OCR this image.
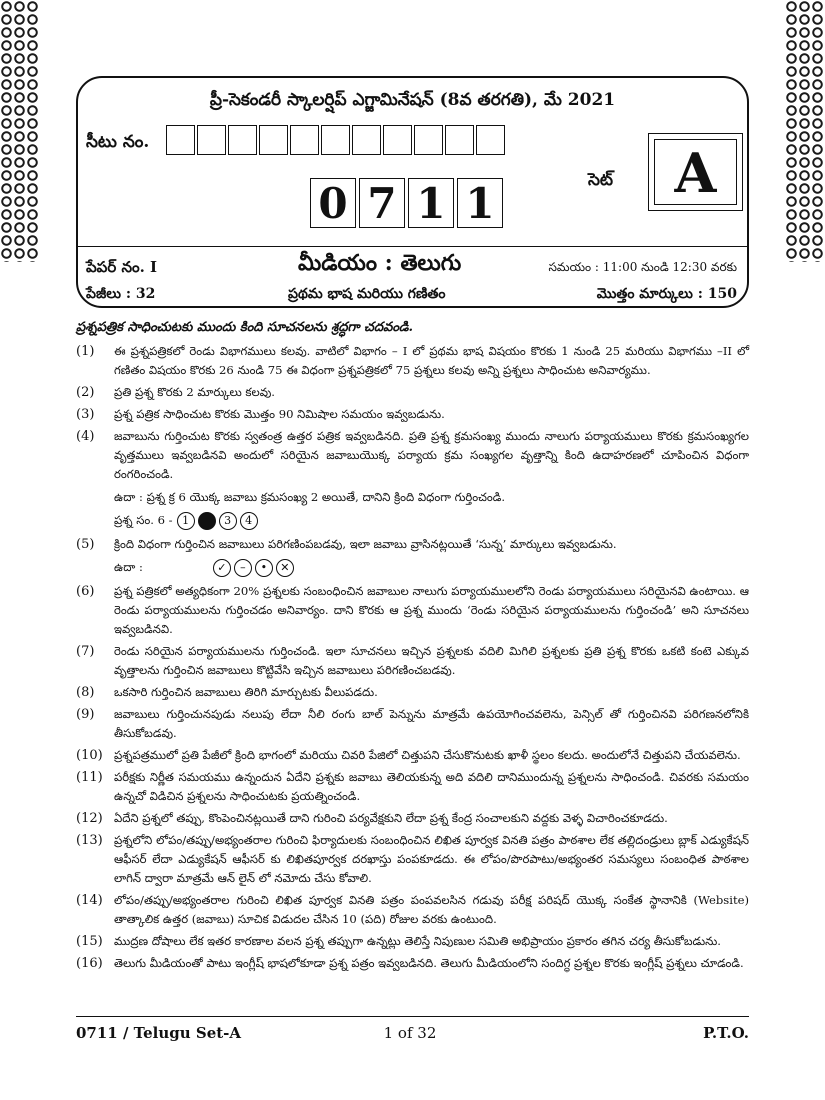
ప్రీ-సెకండరీ స్కాలర్షిప్ ఎగ్జామినేషన్ (8వ తరగతి), మే 2021
సీటు నం.
0 7 1 1	సెట్	A
పేపర్ నం. I	మీడియం : తెలుగు	సమయం : 11:00 నుండి 12:30 వరకు
పేజీలు : 32	ప్రథమ భాష మరియు గణితం	మొత్తం మార్కులు : 150
ప్రశ్నపత్రిక సాధించుటకు ముందు కింది సూచనలను శ్రద్ధగా చదవండి.
(1)	ఈ ప్రశ్నపత్రికలో రెండు విభాగములు కలవు. వాటిలో విభాగం – I లో ప్రథమ భాష విషయం కొరకు 1 నుండి 25 మరియు విభాగము –II లో గణితం విషయం కొరకు 26 నుండి 75 ఈ విధంగా ప్రశ్నపత్రికలో 75 ప్రశ్నలు కలవు అన్ని ప్రశ్నలు సాధించుట అనివార్యము.
(2)	ప్రతి ప్రశ్న కొరకు 2 మార్కులు కలవు.
(3)	ప్రశ్న పత్రిక సాధించుట కొరకు మొత్తం 90 నిమిషాల సమయం ఇవ్వబడును.
(4)	జవాబును గుర్తించుట కొరకు స్వతంత్ర ఉత్తర పత్రిక ఇవ్వబడినది. ప్రతి ప్రశ్న క్రమసంఖ్య ముందు నాలుగు పర్యాయములు కొరకు క్రమసంఖ్యగల వృత్తములు ఇవ్వబడినవి అందులో సరియైన జవాబుయొక్క పర్యాయ క్రమ సంఖ్యగల వృత్తాన్ని కింది ఉదాహరణలో చూపించిన విధంగా రంగరించండి.
ఉదా : ప్రశ్న క్ర 6 యొక్క జవాబు క్రమసంఖ్య 2 అయితే, దానిని క్రింది విధంగా గుర్తించండి.
ప్రశ్న సం. 6 - 1	3	4
(5)	క్రింది విధంగా గుర్తించిన జవాబులు పరిగణింపబడవు, ఇలా జవాబు వ్రాసినట్లయితే ‘సున్న’ మార్కులు ఇవ్వబడును.
ఉదా :	✓	–	•	✕
(6)	ప్రశ్న పత్రికలో అత్యధికంగా 20% ప్రశ్నలకు సంబంధించిన జవాబుల నాలుగు పర్యాయములలోని రెండు పర్యాయములు సరియైనవి ఉంటాయి. ఆ రెండు పర్యాయములను గుర్తించడం అనివార్యం. దాని కొరకు ఆ ప్రశ్న ముందు ‘రెండు సరియైన పర్యాయములను గుర్తించండి’ అని సూచనలు ఇవ్వబడినవి.
(7)	రెండు సరియైన పర్యాయములను గుర్తించండి. ఇలా సూచనలు ఇచ్చిన ప్రశ్నలకు వదిలి మిగిలి ప్రశ్నలకు ప్రతి ప్రశ్న కొరకు ఒకటి కంటె ఎక్కువ వృత్తాలను గుర్తించిన జవాబులు కొట్టివేసి ఇచ్చిన జవాబులు పరిగణించబడవు.
(8)	ఒకసారి గుర్తించిన జవాబులు తిరిగి మార్చుటకు వీలుపడదు.
(9)	జవాబులు గుర్తించునపుడు నలుపు లేదా నీలి రంగు బాల్ పెన్నును మాత్రమే ఉపయోగించవలెను, పెన్సిల్ తో గుర్తించినవి పరిగణనలోనికి తీసుకోబడవు.
(10) ప్రశ్నపత్రములో ప్రతి పేజీలో క్రింది భాగంలో మరియు చివరి పేజిలో చిత్తుపని చేసుకొనుటకు ఖాళీ స్థలం కలదు. అందులోనే చిత్తుపని చేయవలెను.
(11) పరీక్షకు నిర్ణీత సమయము ఉన్నందున ఏదేని ప్రశ్నకు జవాబు తెలియకున్న అది వదిలి దానిముందున్న ప్రశ్నలను సాధించండి. చివరకు సమయం ఉన్నచో విడిచిన ప్రశ్నలను సాధించుటకు ప్రయత్నించండి.
(12) ఏదేని ప్రశ్నలో తప్పు, కొంపెంచినట్లయితే దాని గురించి పర్యవేక్షకుని లేదా ప్రశ్న కేంద్ర సంచాలకుని వద్దకు వెళ్ళ విచారించకూడదు.
(13) ప్రశ్నలోని లోపం/తప్పు/అభ్యంతరాల గురించి ఫిర్యాదులకు సంబంధించిన లిఖిత పూర్వక వినతి పత్రం పాఠశాల లేక తల్లిదండ్రులు బ్లాక్ ఎడ్యుకేషన్ ఆఫీసర్ లేదా ఎడ్యుకేషన్ ఆఫీసర్ కు లిఖితపూర్వక దరఖాస్తు పంపకూడదు. ఈ లోపం/పొరపాటు/అభ్యంతర సమస్యలు సంబంధిత పాఠశాల లాగిన్ ద్వారా మాత్రమే ఆన్ లైన్ లో నమోదు చేసు కోవాలి.
(14) లోపం/తప్పు/అభ్యంతరాల గురించి లిఖిత పూర్వక వినతి పత్రం పంపవలసిన గడువు పరీక్ష పరిషద్ యొక్క సంకేత స్థానానికి (Website) తాత్కాలిక ఉత్తర (జవాబు) సూచిక విడుదల చేసిన 10 (పది) రోజుల వరకు ఉంటుంది.
(15) ముద్రణ దోషాలు లేక ఇతర కారణాల వలన ప్రశ్న తప్పుగా ఉన్నట్లు తెలిస్తే నిపుణుల సమితి అభిప్రాయం ప్రకారం తగిన చర్య తీసుకోబడును.
(16) తెలుగు మీడియంతో పాటు ఇంగ్లీష్ భాషలోకూడా ప్రశ్న పత్రం ఇవ్వబడినది. తెలుగు మీడియంలోని సందిగ్ధ ప్రశ్నల కొరకు ఇంగ్లీష్ ప్రశ్నలు చూడండి.
0711 / Telugu Set-A	1 of 32	P.T.O.
